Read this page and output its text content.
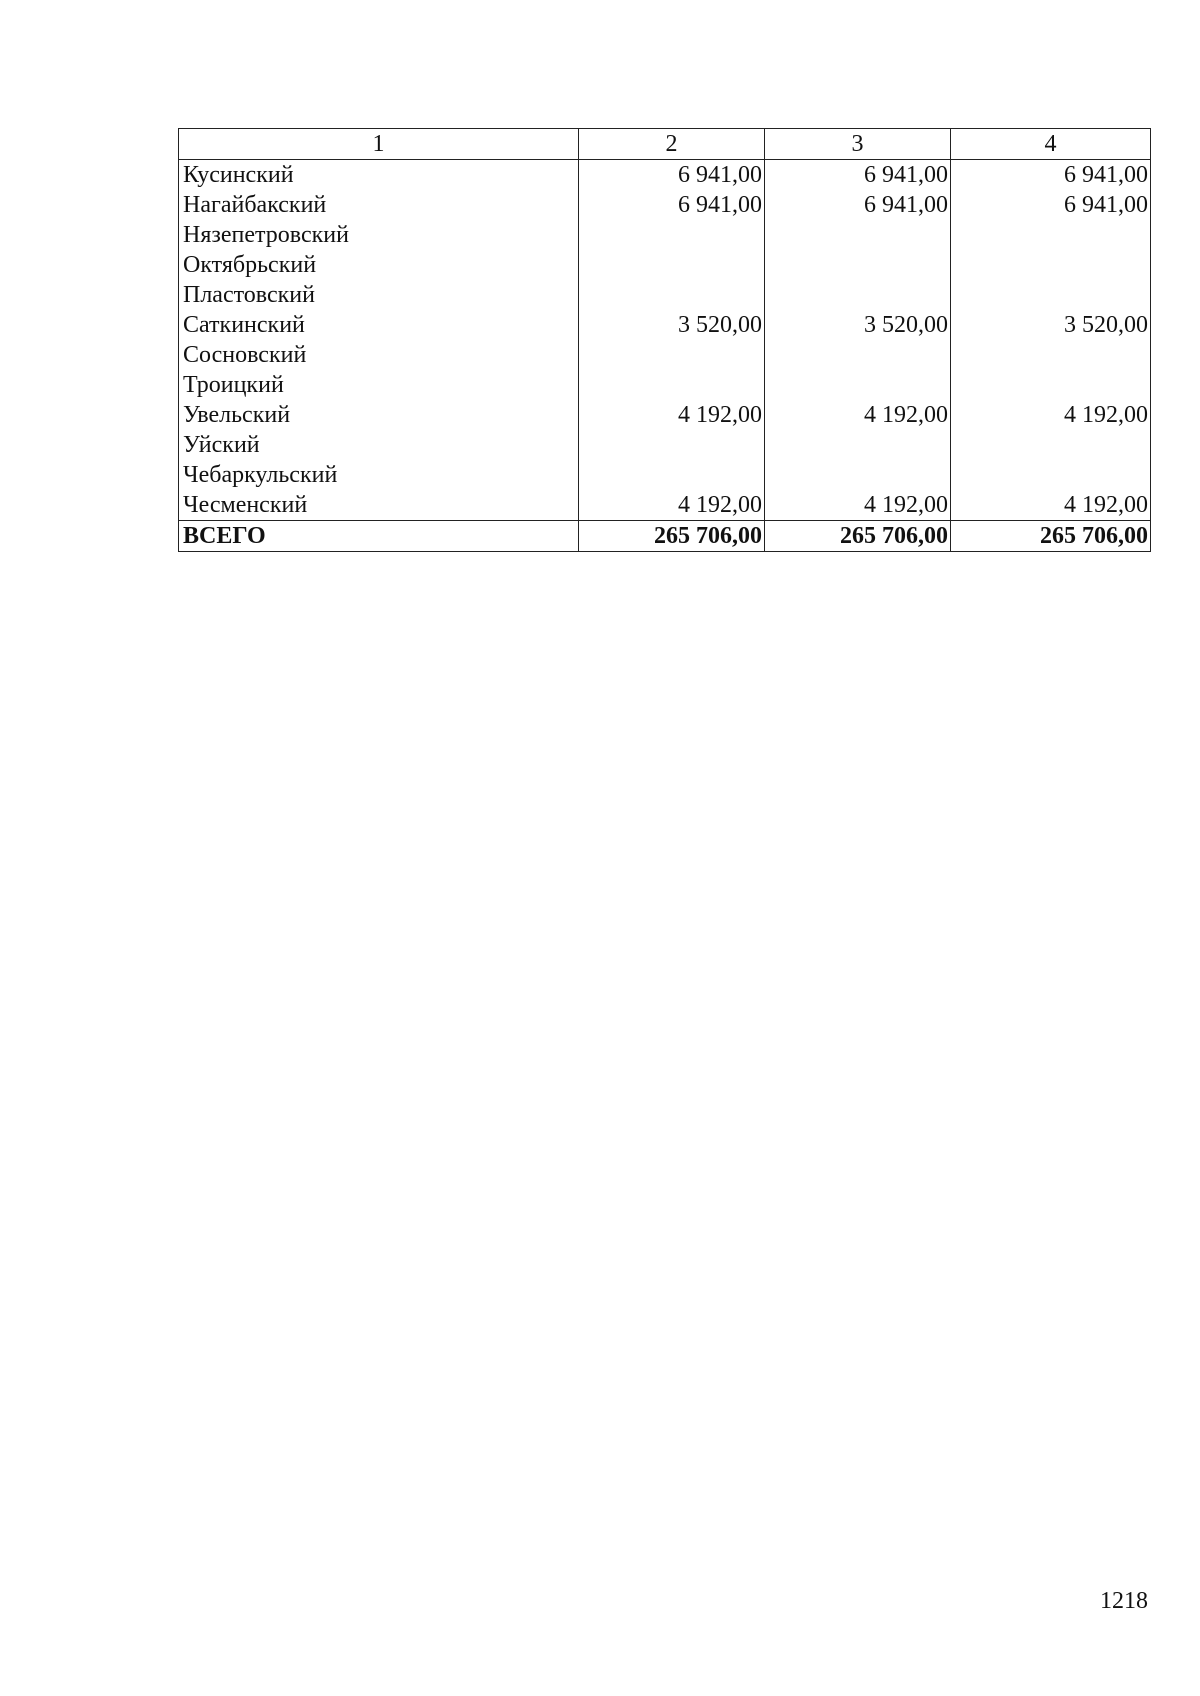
1	2	3	4
Кусинский	6 941,00	6 941,00	6 941,00
Нагайбакский	6 941,00	6 941,00	6 941,00
Нязепетровский			
Октябрьский			
Пластовский			
Саткинский	3 520,00	3 520,00	3 520,00
Сосновский			
Троицкий			
Увельский	4 192,00	4 192,00	4 192,00
Уйский			
Чебаркульский			
Чесменский	4 192,00	4 192,00	4 192,00
ВСЕГО	265 706,00	265 706,00	265 706,00
1218
